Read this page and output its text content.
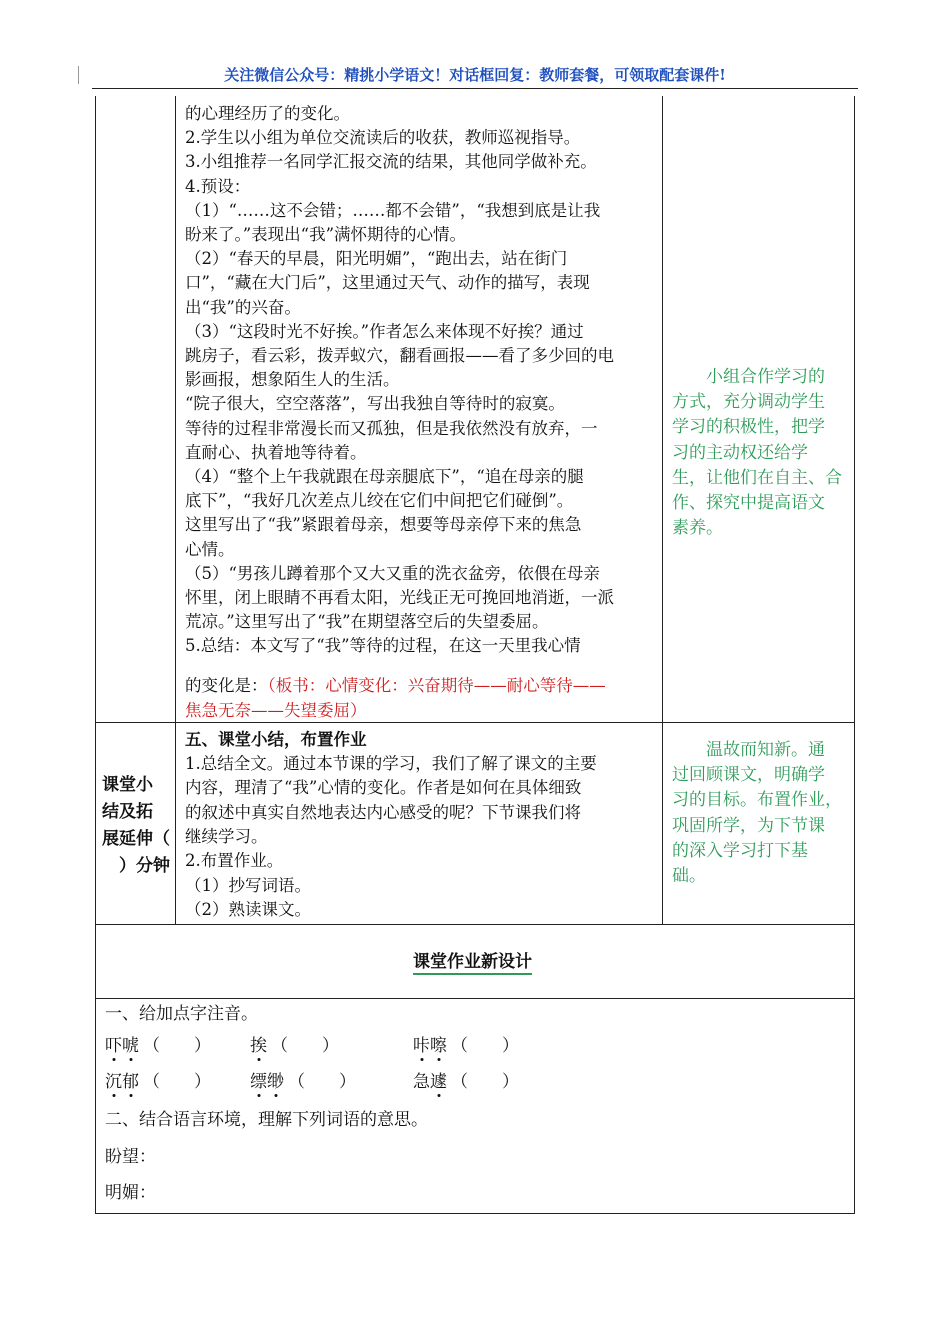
关注微信公众号：精挑小学语文！对话框回复：教师套餐，可领取配套课件!
的心理经历了的变化。
2.学生以小组为单位交流读后的收获，教师巡视指导。
3.小组推荐一名同学汇报交流的结果，其他同学做补充。
4.预设：
（1）“……这不会错；……都不会错”，“我想到底是让我
盼来了。”表现出“我”满怀期待的心情。
（2）“春天的早晨，阳光明媚”，“跑出去，站在街门
口”，“藏在大门后”，这里通过天气、动作的描写，表现
出“我”的兴奋。
（3）“这段时光不好挨。”作者怎么来体现不好挨？通过
跳房子，看云彩，拨弄蚁穴，翻看画报——看了多少回的电
影画报，想象陌生人的生活。
“院子很大，空空落落”，写出我独自等待时的寂寞。
等待的过程非常漫长而又孤独，但是我依然没有放弃，一
直耐心、执着地等待着。
（4）“整个上午我就跟在母亲腿底下”，“追在母亲的腿
底下”，“我好几次差点儿绞在它们中间把它们碰倒”。
这里写出了“我”紧跟着母亲，想要等母亲停下来的焦急
心情。
（5）“男孩儿蹲着那个又大又重的洗衣盆旁，依偎在母亲
怀里，闭上眼睛不再看太阳，光线正无可挽回地消逝，一派
荒凉。”这里写出了“我”在期望落空后的失望委屈。
5.总结：本文写了“我”等待的过程，在这一天里我心情
的变化是：（板书：心情变化：兴奋期待——耐心等待——
焦急无奈——失望委屈）
　　小组合作学习的
方式，充分调动学生
学习的积极性，把学
习的主动权还给学
生，让他们在自主、合
作、探究中提高语文
素养。
课堂小
结及拓
展延伸（
　）分钟
五、课堂小结，布置作业
1.总结全文。通过本节课的学习，我们了解了课文的主要
内容，理清了“我”心情的变化。作者是如何在具体细致
的叙述中真实自然地表达内心感受的呢？下节课我们将
继续学习。
2.布置作业。
（1）抄写词语。
（2）熟读课文。
　　温故而知新。通
过回顾课文，明确学
习的目标。布置作业，
巩固所学，为下节课
的深入学习打下基
础。
课堂作业新设计
一、给加点字注音。
吓唬 （　　） 挨 （　　）	咔嚓 （　　）
沉郁 （　　） 缥缈 （　　）	急遽 （　　）
二、结合语言环境，理解下列词语的意思。
盼望：
明媚：
